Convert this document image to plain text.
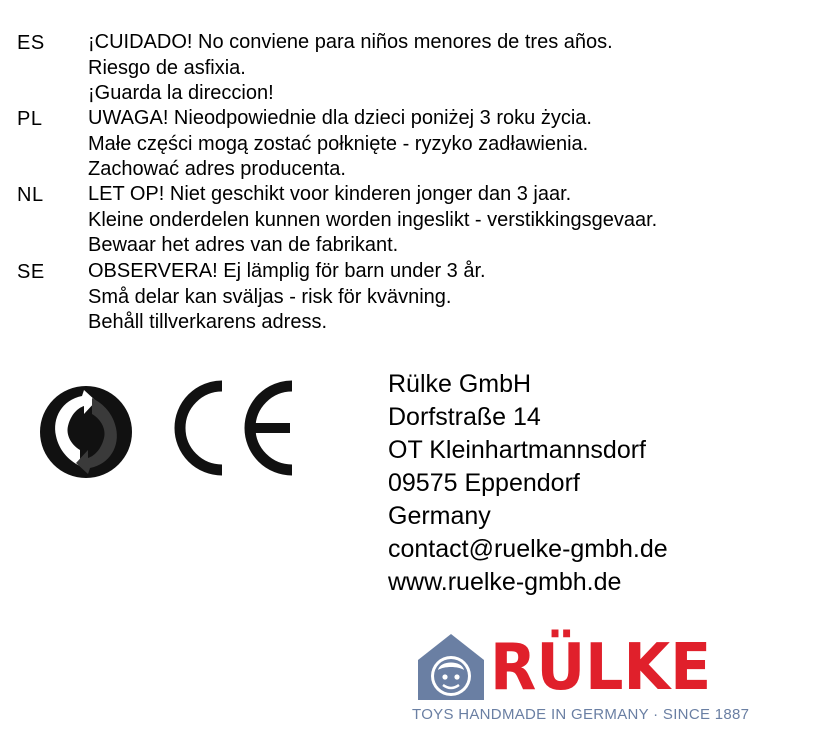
ES ¡CUIDADO! No conviene para niños menores de tres años.
Riesgo de asfixia.
¡Guarda la direccion!
PL UWAGA! Nieodpowiednie dla dzieci poniżej 3 roku życia.
Małe części mogą zostać połknięte - ryzyko zadławienia.
Zachować adres producenta.
NL LET OP! Niet geschikt voor kinderen jonger dan 3 jaar.
Kleine onderdelen kunnen worden ingeslikt - verstikkingsgevaar.
Bewaar het adres van de fabrikant.
SE OBSERVERA! Ej lämplig för barn under 3 år.
Små delar kan sväljas - risk för kvävning.
Behåll tillverkarens adress.
Rülke GmbH
Dorfstraße 14
OT Kleinhartmannsdorf
09575 Eppendorf
Germany
contact@ruelke-gmbh.de
www.ruelke-gmbh.de
RÜLKE
TOYS HANDMADE IN GERMANY · SINCE 1887
